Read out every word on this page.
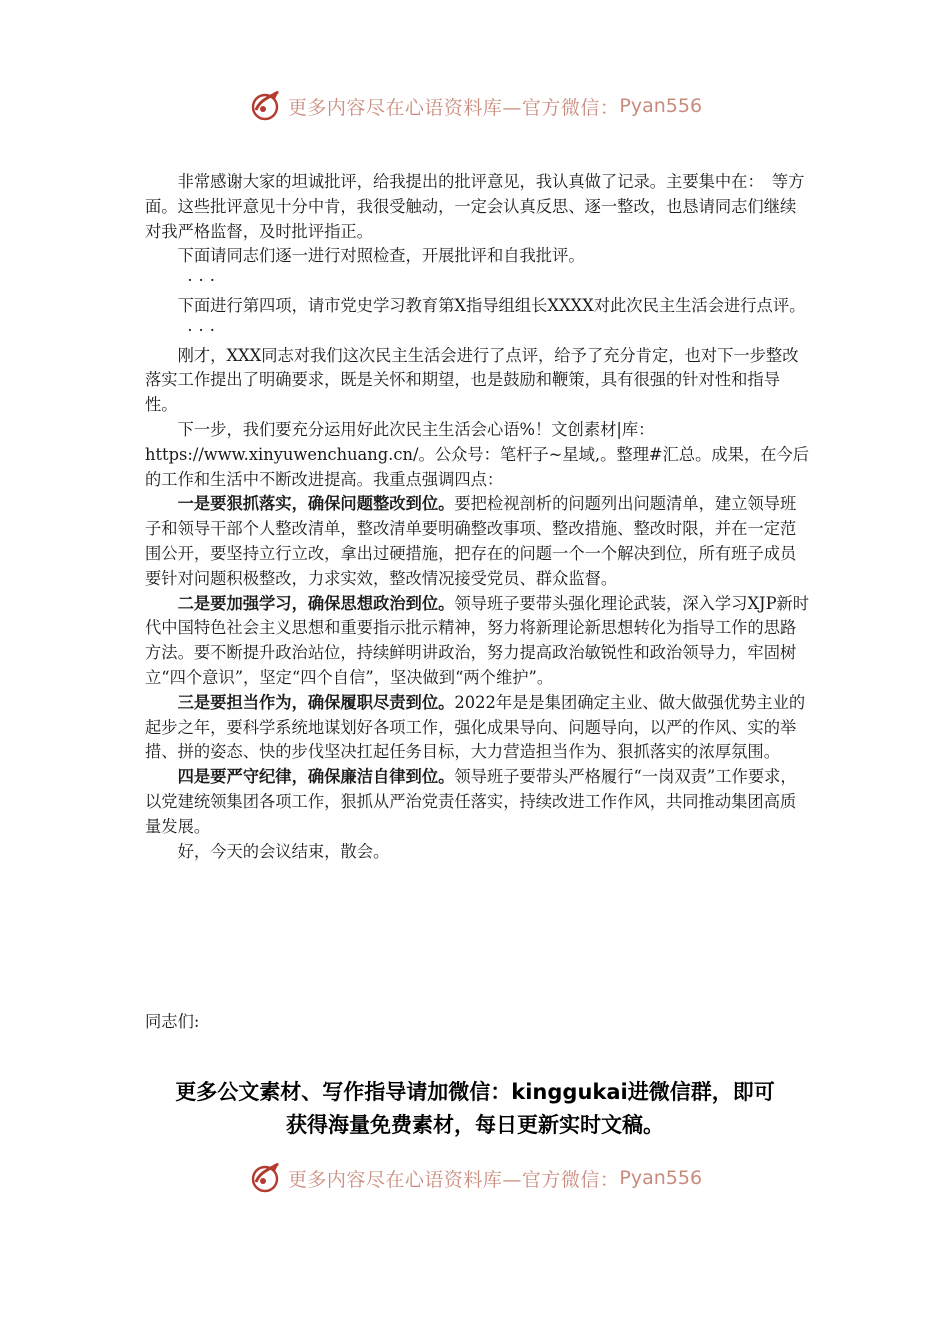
更多内容尽在心语资料库—官方微信： Pyan556

非常感谢大家的坦诚批评，给我提出的批评意见，我认真做了记录。主要集中在：　等方面。这些批评意见十分中肯，我很受触动，一定会认真反思、逐一整改，也恳请同志们继续对我严格监督，及时批评指正。

下面请同志们逐一进行对照检查，开展批评和自我批评。

···

下面进行第四项，请市党史学习教育第X指导组组长XXXX对此次民主生活会进行点评。

···

刚才，XXX同志对我们这次民主生活会进行了点评，给予了充分肯定，也对下一步整改落实工作提出了明确要求，既是关怀和期望，也是鼓励和鞭策，具有很强的针对性和指导性。

下一步，我们要充分运用好此次民主生活会心语%！文创素材|库：
https://www.xinyuwenchuang.cn/。公众号：笔杆子~星域,。整理#汇总。成果，在今后的工作和生活中不断改进提高。我重点强调四点：

一是要狠抓落实，确保问题整改到位。要把检视剖析的问题列出问题清单，建立领导班子和领导干部个人整改清单，整改清单要明确整改事项、整改措施、整改时限，并在一定范围公开，要坚持立行立改，拿出过硬措施，把存在的问题一个一个解决到位，所有班子成员要针对问题积极整改，力求实效，整改情况接受党员、群众监督。

二是要加强学习，确保思想政治到位。领导班子要带头强化理论武装，深入学习XJP新时代中国特色社会主义思想和重要指示批示精神，努力将新理论新思想转化为指导工作的思路方法。要不断提升政治站位，持续鲜明讲政治，努力提高政治敏锐性和政治领导力，牢固树立“四个意识”，坚定“四个自信”，坚决做到“两个维护”。

三是要担当作为，确保履职尽责到位。2022年是是集团确定主业、做大做强优势主业的起步之年，要科学系统地谋划好各项工作，强化成果导向、问题导向，以严的作风、实的举措、拼的姿态、快的步伐坚决扛起任务目标，大力营造担当作为、狠抓落实的浓厚氛围。

四是要严守纪律，确保廉洁自律到位。领导班子要带头严格履行“一岗双责”工作要求，以党建统领集团各项工作，狠抓从严治党责任落实，持续改进工作作风，共同推动集团高质量发展。

好，今天的会议结束，散会。

同志们:
更多公文素材、写作指导请加微信：kinggukai进微信群，即可
获得海量免费素材，每日更新实时文稿。
更多内容尽在心语资料库—官方微信： Pyan556
